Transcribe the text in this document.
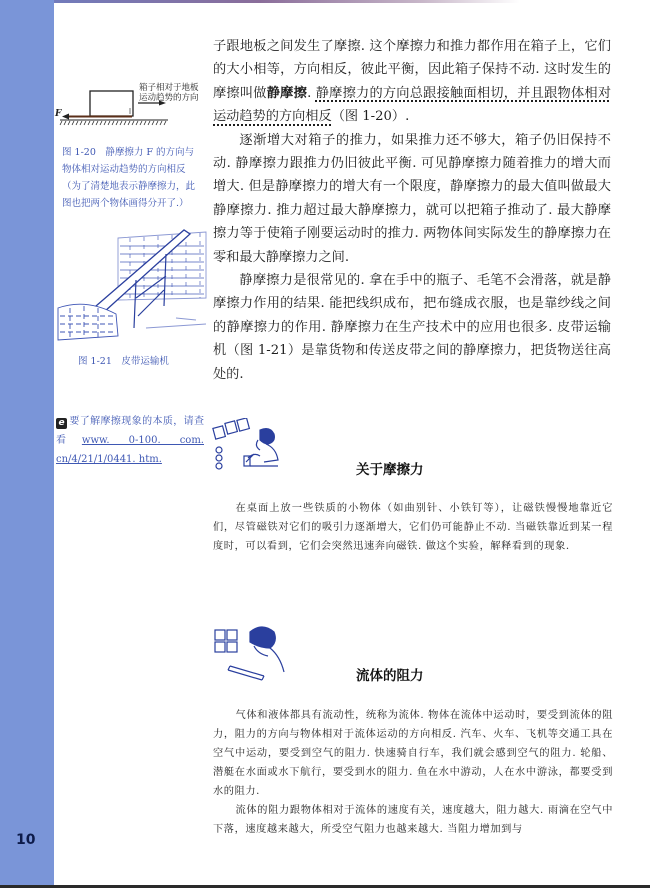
10
F
箱子相对于地板
运动趋势的方向
图 1-20　静摩擦力 F 的方向与
物体相对运动趋势的方向相反
（为了清楚地表示静摩擦力，此
图也把两个物体画得分开了.）
图 1-21　皮带运输机
e 要了解摩擦现象的本质，请查看www. 0-100. com. cn/4/21/1/0441. htm.

子跟地板之间发生了摩擦. 这个摩擦力和推力都作用在箱子上，它们的大小相等，方向相反，彼此平衡，因此箱子保持不动. 这时发生的摩擦叫做静摩擦. 静摩擦力的方向总跟接触面相切，并且跟物体相对运动趋势的方向相反（图 1-20）.

逐渐增大对箱子的推力，如果推力还不够大，箱子仍旧保持不动. 静摩擦力跟推力仍旧彼此平衡. 可见静摩擦力随着推力的增大而增大. 但是静摩擦力的增大有一个限度，静摩擦力的最大值叫做最大静摩擦力. 推力超过最大静摩擦力，就可以把箱子推动了. 最大静摩擦力等于使箱子刚要运动时的推力. 两物体间实际发生的静摩擦力在零和最大静摩擦力之间.

静摩擦力是很常见的. 拿在手中的瓶子、毛笔不会滑落，就是静摩擦力作用的结果. 能把线织成布，把布缝成衣服，也是靠纱线之间的静摩擦力的作用. 静摩擦力在生产技术中的应用也很多. 皮带运输机（图 1-21）是靠货物和传送皮带之间的静摩擦力，把货物送往高处的.

关于摩擦力

在桌面上放一些铁质的小物体（如曲别针、小铁钉等），让磁铁慢慢地靠近它们，尽管磁铁对它们的吸引力逐渐增大，它们仍可能静止不动. 当磁铁靠近到某一程度时，可以看到，它们会突然迅速奔向磁铁. 做这个实验，解释看到的现象.

流体的阻力

气体和液体都具有流动性，统称为流体. 物体在流体中运动时，要受到流体的阻力，阻力的方向与物体相对于流体运动的方向相反. 汽车、火车、飞机等交通工具在空气中运动，要受到空气的阻力. 快速骑自行车，我们就会感到空气的阻力. 轮船、潜艇在水面或水下航行，要受到水的阻力. 鱼在水中游动，人在水中游泳，都要受到水的阻力.

流体的阻力跟物体相对于流体的速度有关，速度越大，阻力越大. 雨滴在空气中下落，速度越来越大，所受空气阻力也越来越大. 当阻力增加到与
